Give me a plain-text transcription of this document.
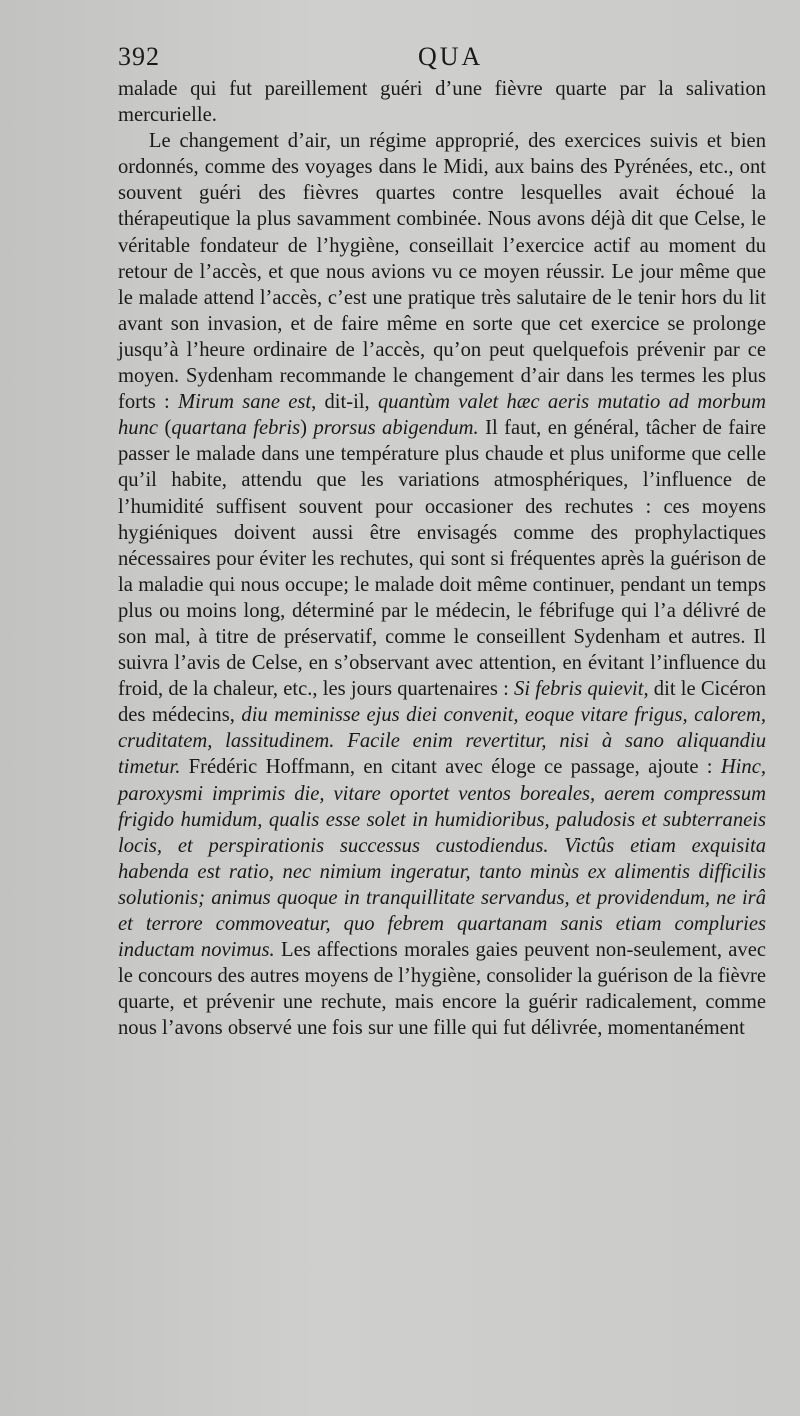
392	QUA

malade qui fut pareillement guéri d’une fièvre quarte par la salivation mercurielle.

Le changement d’air, un régime approprié, des exercices suivis et bien ordonnés, comme des voyages dans le Midi, aux bains des Pyrénées, etc., ont souvent guéri des fièvres quartes contre lesquelles avait échoué la thérapeutique la plus savamment combinée. Nous avons déjà dit que Celse, le véritable fondateur de l’hygiène, conseillait l’exercice actif au moment du retour de l’accès, et que nous avions vu ce moyen réussir. Le jour même que le malade attend l’accès, c’est une pratique très salutaire de le tenir hors du lit avant son invasion, et de faire même en sorte que cet exercice se prolonge jusqu’à l’heure ordinaire de l’accès, qu’on peut quelquefois prévenir par ce moyen. Sydenham recommande le changement d’air dans les termes les plus forts : Mirum sane est, dit-il, quantùm valet hæc aeris mutatio ad morbum hunc (quartana febris) prorsus abigendum. Il faut, en général, tâcher de faire passer le malade dans une température plus chaude et plus uniforme que celle qu’il habite, attendu que les variations atmosphériques, l’influence de l’humidité suffisent souvent pour occasioner des rechutes : ces moyens hygiéniques doivent aussi être envisagés comme des prophylactiques nécessaires pour éviter les rechutes, qui sont si fréquentes après la guérison de la maladie qui nous occupe; le malade doit même continuer, pendant un temps plus ou moins long, déterminé par le médecin, le fébrifuge qui l’a délivré de son mal, à titre de préservatif, comme le conseillent Sydenham et autres. Il suivra l’avis de Celse, en s’observant avec attention, en évitant l’influence du froid, de la chaleur, etc., les jours quartenaires : Si febris quievit, dit le Cicéron des médecins, diu meminisse ejus diei convenit, eoque vitare frigus, calorem, cruditatem, lassitudinem. Facile enim revertitur, nisi à sano aliquandiu timetur. Frédéric Hoffmann, en citant avec éloge ce passage, ajoute : Hinc, paroxysmi imprimis die, vitare oportet ventos boreales, aerem compressum frigido humidum, qualis esse solet in humidioribus, paludosis et subterraneis locis, et perspirationis successus custodiendus. Victûs etiam exquisita habenda est ratio, nec nimium ingeratur, tanto minùs ex alimentis difficilis solutionis; animus quoque in tranquillitate servandus, et providendum, ne irâ et terrore commoveatur, quo febrem quartanam sanis etiam compluries inductam novimus. Les affections morales gaies peuvent non-seulement, avec le concours des autres moyens de l’hygiène, consolider la guérison de la fièvre quarte, et prévenir une rechute, mais encore la guérir radicalement, comme nous l’avons observé une fois sur une fille qui fut délivrée, momentanément
